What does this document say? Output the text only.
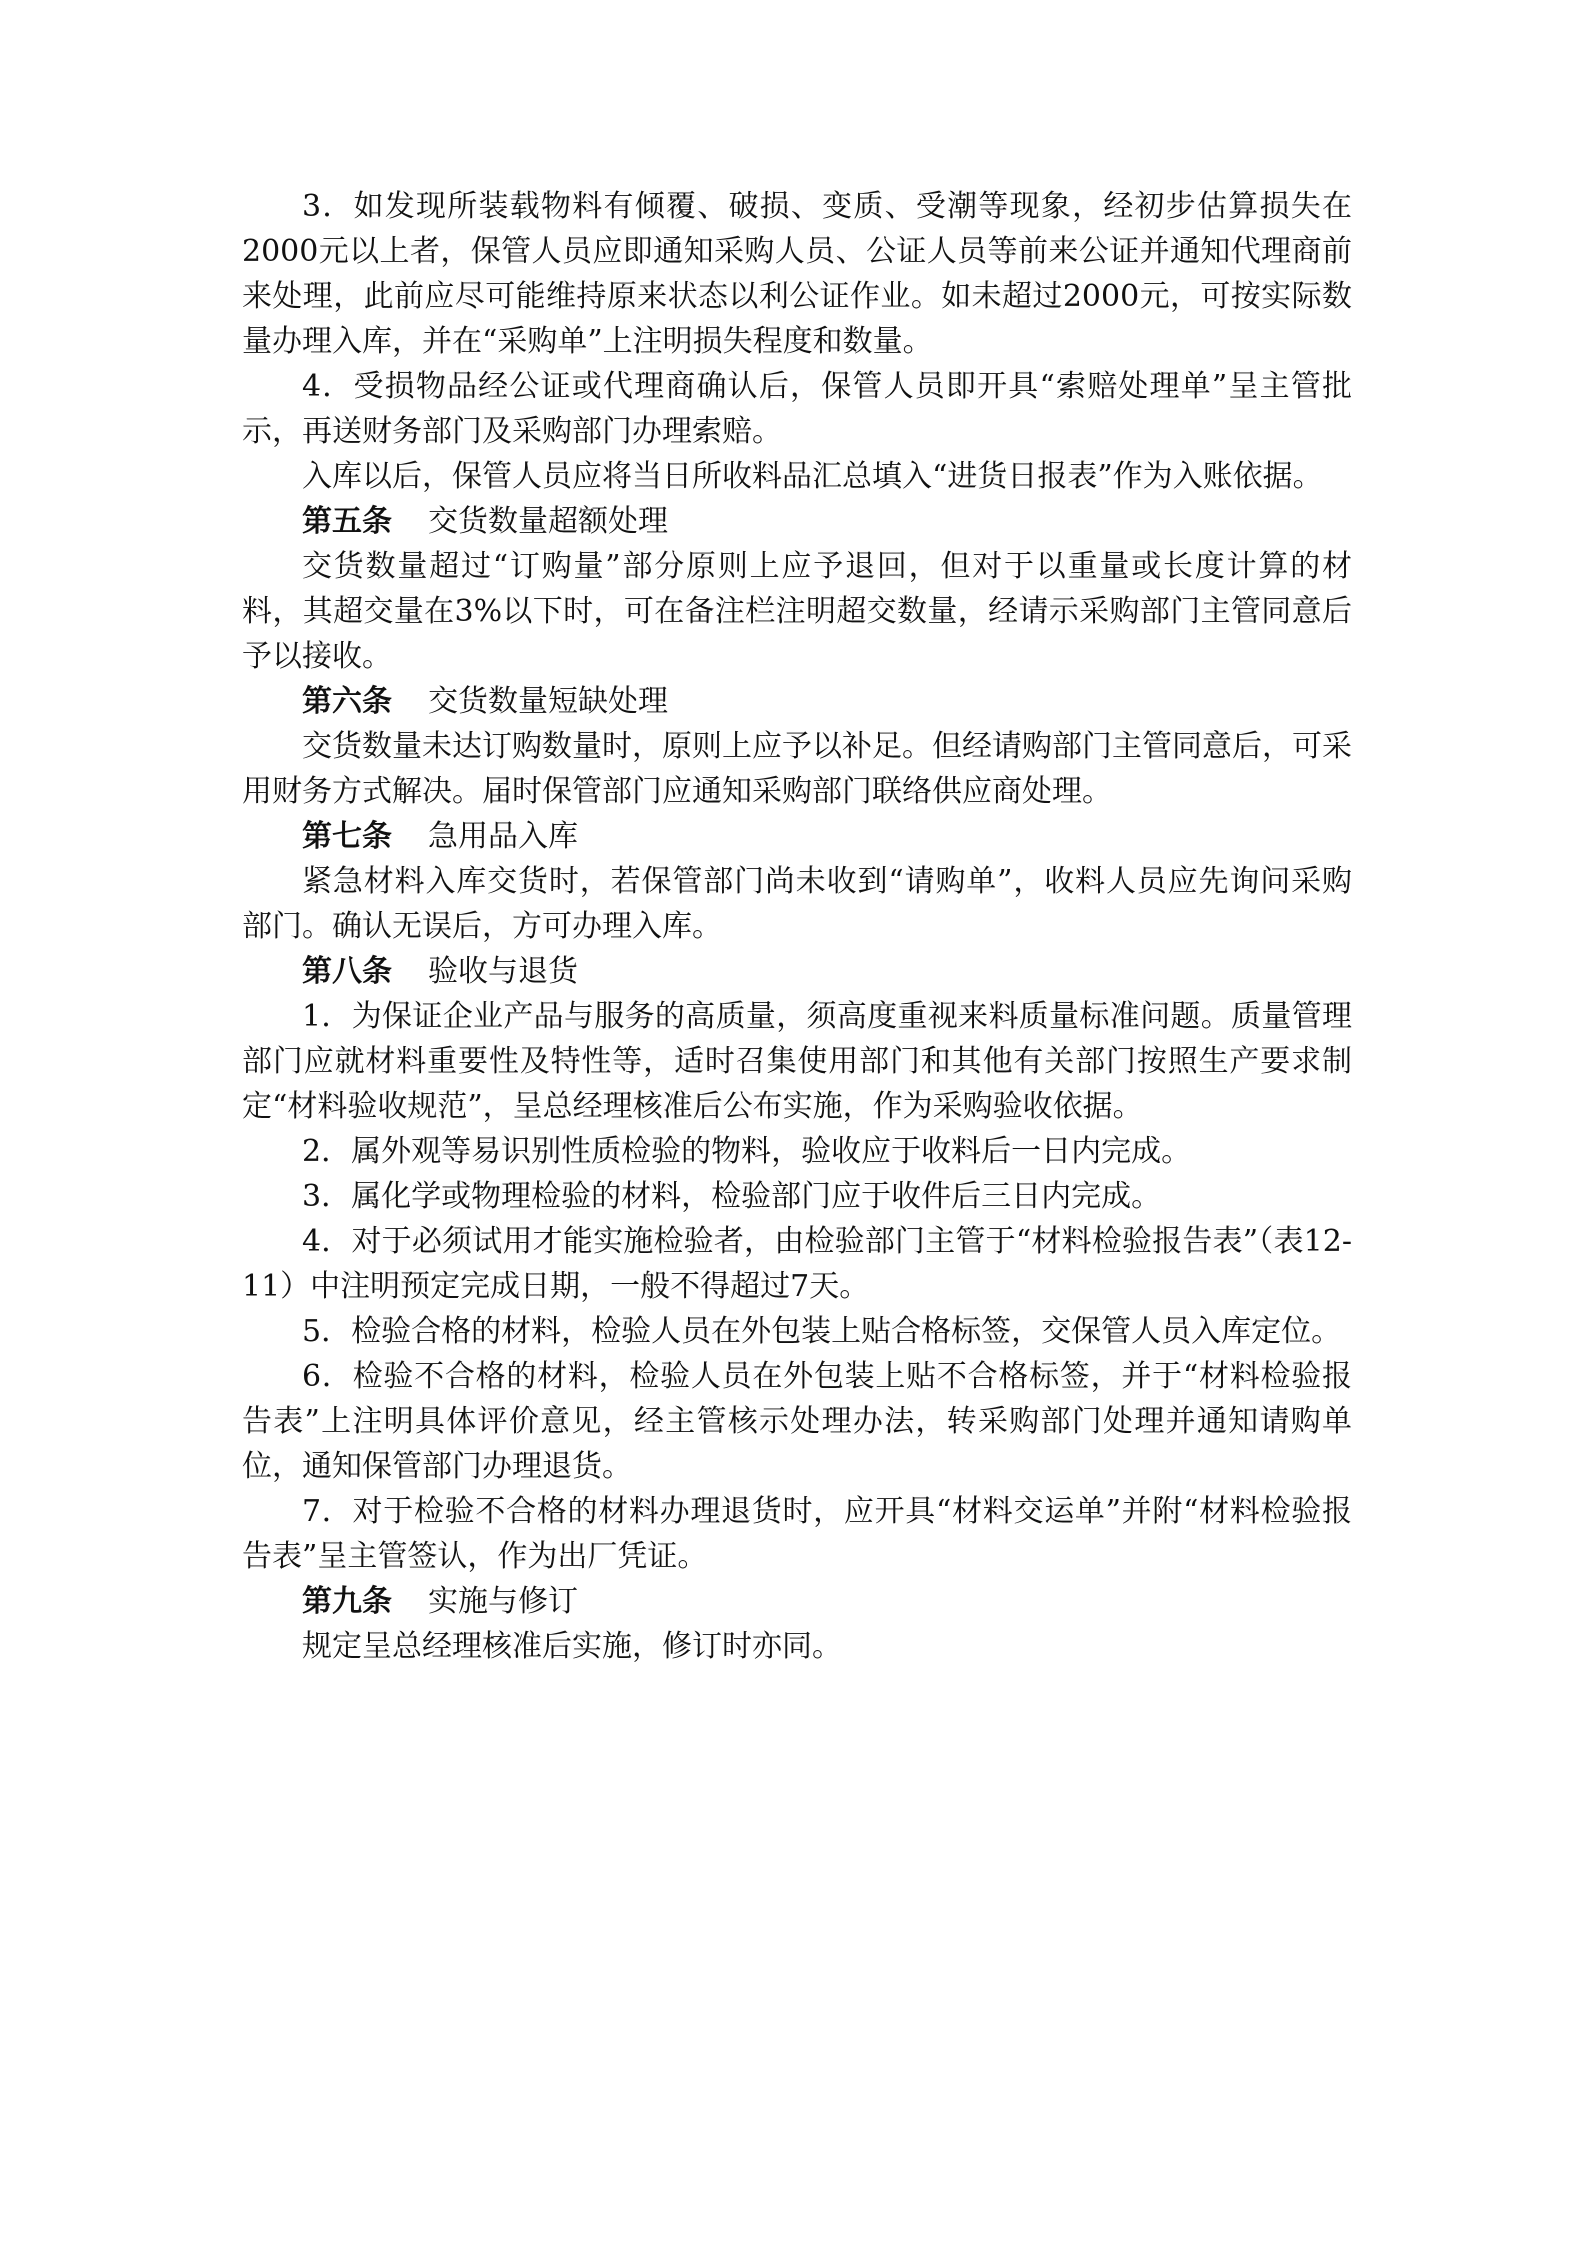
3．如发现所装载物料有倾覆、破损、变质、受潮等现象，经初步估算损失在2000元以上者，保管人员应即通知采购人员、公证人员等前来公证并通知代理商前来处理，此前应尽可能维持原来状态以利公证作业。如未超过2000元，可按实际数量办理入库，并在“采购单”上注明损失程度和数量。

4．受损物品经公证或代理商确认后，保管人员即开具“索赔处理单”呈主管批示，再送财务部门及采购部门办理索赔。

入库以后，保管人员应将当日所收料品汇总填入“进货日报表”作为入账依据。

第五条 交货数量超额处理

交货数量超过“订购量”部分原则上应予退回，但对于以重量或长度计算的材料，其超交量在3%以下时，可在备注栏注明超交数量，经请示采购部门主管同意后予以接收。

第六条 交货数量短缺处理

交货数量未达订购数量时，原则上应予以补足。但经请购部门主管同意后，可采用财务方式解决。届时保管部门应通知采购部门联络供应商处理。

第七条 急用品入库

紧急材料入库交货时，若保管部门尚未收到“请购单”，收料人员应先询问采购部门。确认无误后，方可办理入库。

第八条 验收与退货

1．为保证企业产品与服务的高质量，须高度重视来料质量标准问题。质量管理部门应就材料重要性及特性等，适时召集使用部门和其他有关部门按照生产要求制定“材料验收规范”，呈总经理核准后公布实施，作为采购验收依据。

2．属外观等易识别性质检验的物料，验收应于收料后一日内完成。

3．属化学或物理检验的材料，检验部门应于收件后三日内完成。

4．对于必须试用才能实施检验者，由检验部门主管于“材料检验报告表”（表12-11）中注明预定完成日期，一般不得超过7天。

5．检验合格的材料，检验人员在外包装上贴合格标签，交保管人员入库定位。

6．检验不合格的材料，检验人员在外包装上贴不合格标签，并于“材料检验报告表”上注明具体评价意见，经主管核示处理办法，转采购部门处理并通知请购单位，通知保管部门办理退货。

7．对于检验不合格的材料办理退货时，应开具“材料交运单”并附“材料检验报告表”呈主管签认，作为出厂凭证。

第九条 实施与修订

规定呈总经理核准后实施，修订时亦同。
